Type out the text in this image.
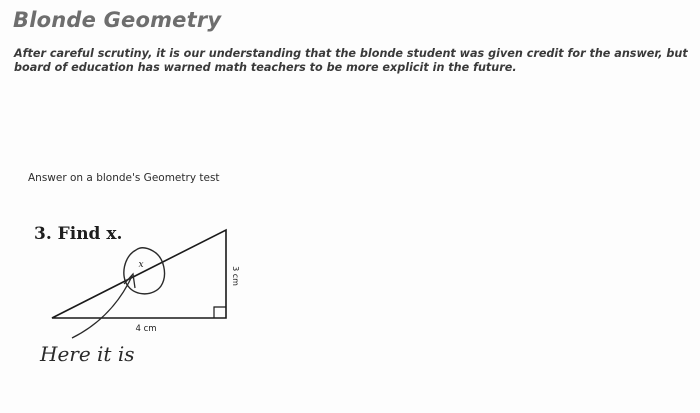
Blonde Geometry
After careful scrutiny, it is our understanding that the blonde student was given credit for the answer, but
board of education has warned math teachers to be more explicit in the future.
Answer on a blonde's Geometry test
3. Find x.
4 cm
3 cm
x
Here it is
